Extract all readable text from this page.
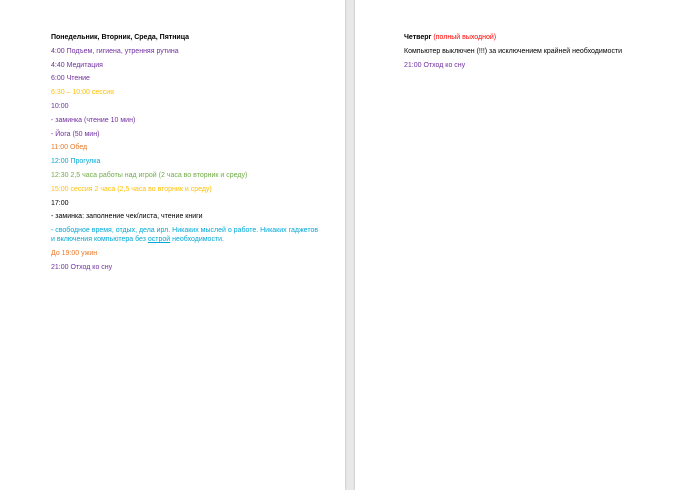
Понедельник, Вторник, Среда, Пятница

4:00 Подъем, гигиена, утренняя рутина

4:40 Медитация

6:00 Чтение

6:30 – 10:00 сессия

10:00

- заминка (чтение 10 мин)

- Йога (50 мин)

11:00 Обед

12:00 Прогулка

12:30 2,5 часа работы над игрой (2 часа во вторник и среду)

15:00 сессия 2 часа (2,5 часа во вторник и среду)

17:00

- заминка: заполнение чек/листа, чтение книги

- свободное время, отдых, дела ирл. Никаких мыслей о работе. Никаких гаджетов и включения компьютера без острой необходимости.

До 19:00 ужин

21:00 Отход ко сну

Четверг (полный выходной)

Компьютер выключен (!!!) за исключением крайней необходимости

21:00 Отход ко сну
